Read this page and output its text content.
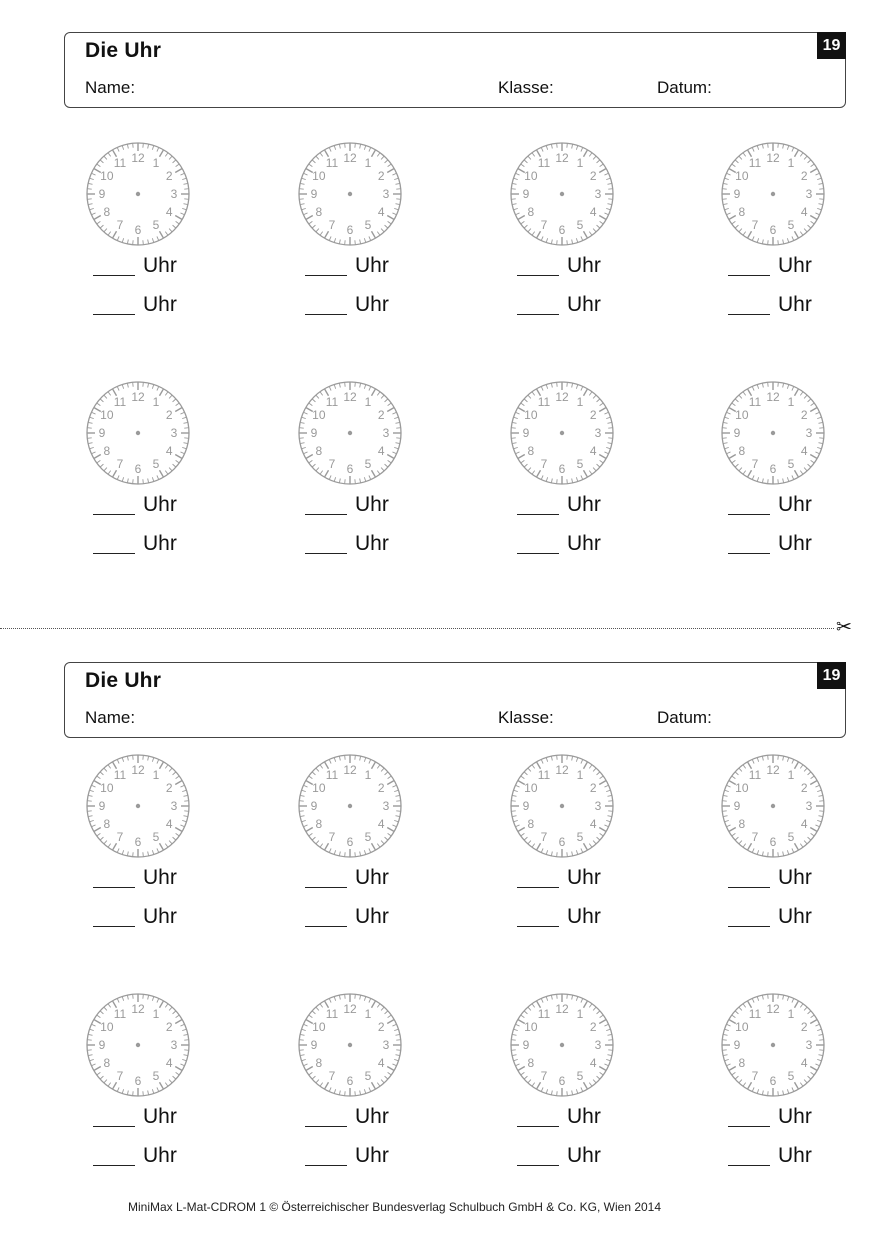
Die Uhr
Name:	Klasse:	Datum:
19
✂
Die Uhr
Name:	Klasse:	Datum:
19
12 1
2
3
4
5
6
7
8
9
10
11
Uhr
Uhr
12 1
2
3
4
5
6
7
8
9
10
11
Uhr
Uhr
12 1
2
3
4
5
6
7
8
9
10
11
Uhr
Uhr
12 1
2
3
4
5
6
7
8
9
10
11
Uhr
Uhr
12 1
2
3
4
5
6
7
8
9
10
11
Uhr
Uhr
12 1
2
3
4
5
6
7
8
9
10
11
Uhr
Uhr
12 1
2
3
4
5
6
7
8
9
10
11
Uhr
Uhr
12 1
2
3
4
5
6
7
8
9
10
11
Uhr
Uhr
12 1
2
3
4
5
6
7
8
9
10
11
Uhr
Uhr
12 1
2
3
4
5
6
7
8
9
10
11
Uhr
Uhr
12 1
2
3
4
5
6
7
8
9
10
11
Uhr
Uhr
12 1
2
3
4
5
6
7
8
9
10
11
Uhr
Uhr
12 1
2
3
4
5
6
7
8
9
10
11
Uhr
Uhr
12 1
2
3
4
5
6
7
8
9
10
11
Uhr
Uhr
12 1
2
3
4
5
6
7
8
9
10
11
Uhr
Uhr
12 1
2
3
4
5
6
7
8
9
10
11
Uhr
Uhr
MiniMax L-Mat-CDROM 1 © Österreichischer Bundesverlag Schulbuch GmbH & Co. KG, Wien 2014
